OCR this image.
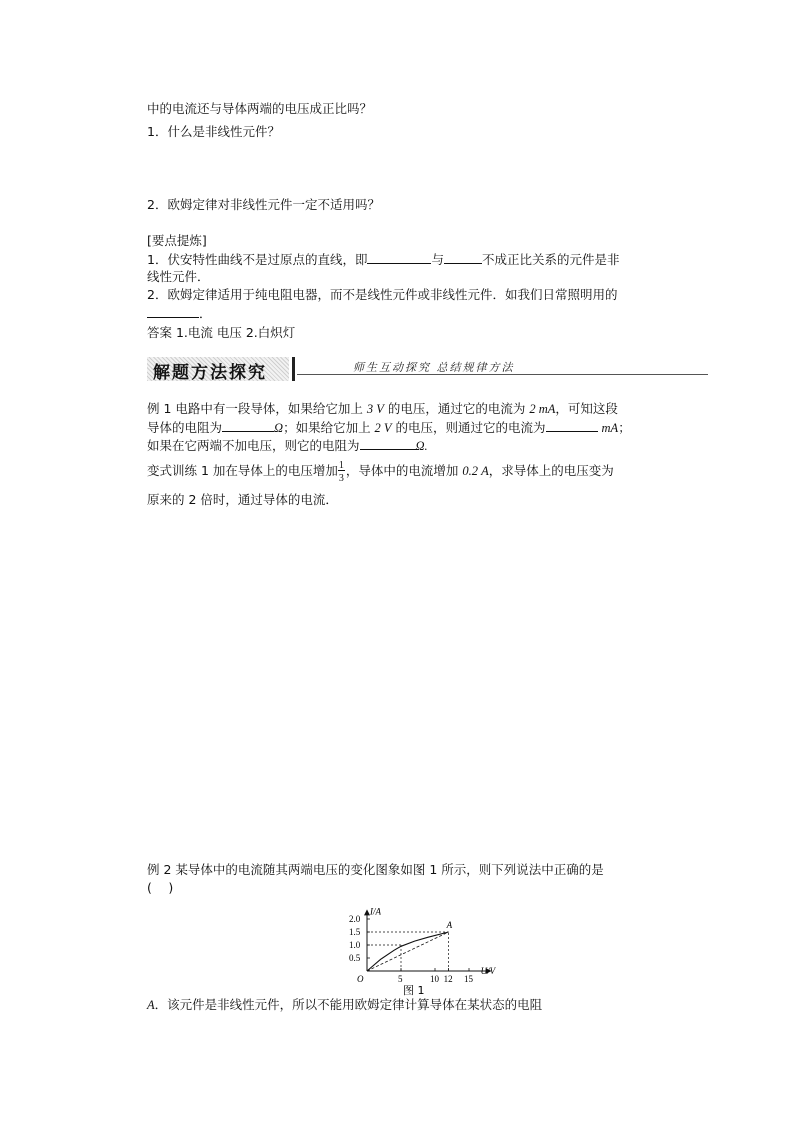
中的电流还与导体两端的电压成正比吗？
1．什么是非线性元件？
2．欧姆定律对非线性元件一定不适用吗？
[要点提炼]
1．伏安特性曲线不是过原点的直线，即	与	不成正比关系的元件是非
线性元件．
2．欧姆定律适用于纯电阻电器，而不是线性元件或非线性元件．如我们日常照明用的
．
答案 1.电流 电压 2.白炽灯
解题方法探究	师生互动探究 总结规律方法
例 1 电路中有一段导体，如果给它加上 3 V 的电压，通过它的电流为 2 mA，可知这段
导体的电阻为	Ω；如果给它加上 2 V 的电压，则通过它的电流为	mA；
如果在它两端不加电压，则它的电阻为	Ω.
变式训练 1 加在导体上的电压增加 $\frac{1}{3}$ ，导体中的电流增加 0.2 A，求导体上的电压变为
原来的 2 倍时，通过导体的电流．
例 2 某导体中的电流随其两端电压的变化图象如图 1 所示，则下列说法中正确的是
(　 )
U/V
I/A
O
0.5
1.0
1.5
2.0
5	10 12 15
A
图 1
A．该元件是非线性元件，所以不能用欧姆定律计算导体在某状态的电阻
